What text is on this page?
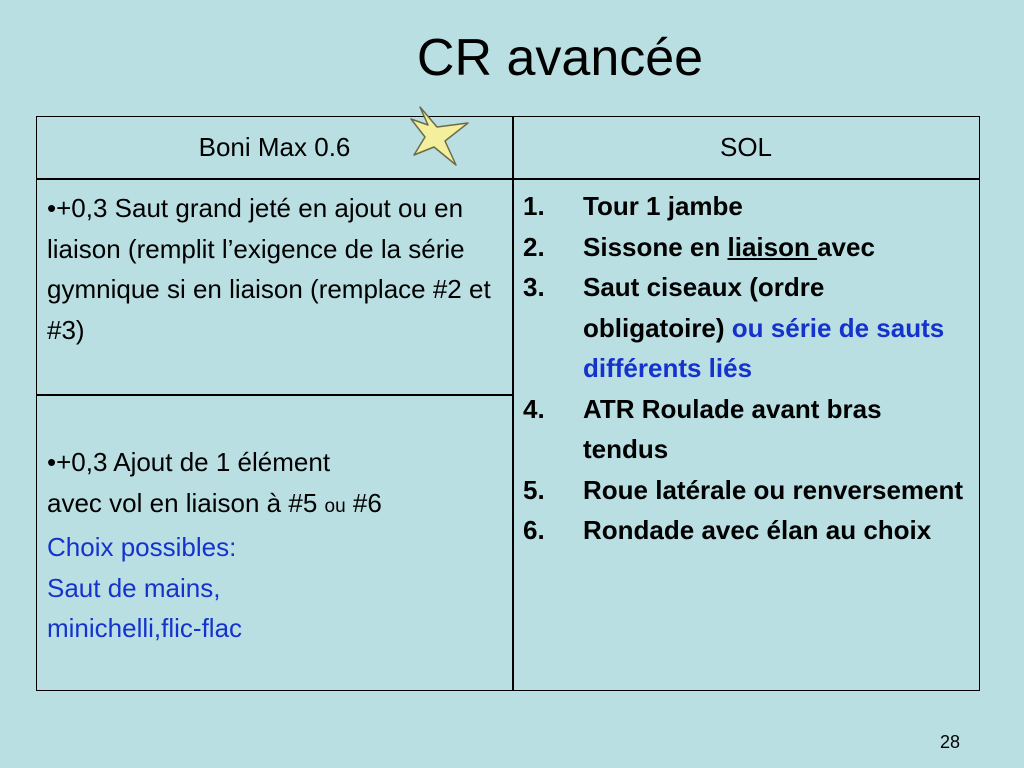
CR avancée
Boni Max 0.6	SOL
•+0,3 Saut grand jeté en ajout ou en liaison (remplit l’exigence de la série gymnique si en liaison (remplace #2 et #3)
•+0,3 Ajout de 1 élément
avec vol en liaison à #5 ou #6
Choix possibles:
Saut de mains,
minichelli,flic-flac
1. Tour 1 jambe
2. Sissone en liaison avec
3. Saut ciseaux (ordre obligatoire) ou série de sauts différents liés
4. ATR Roulade avant bras tendus
5. Roue latérale ou renversement
6. Rondade avec élan au choix
28
